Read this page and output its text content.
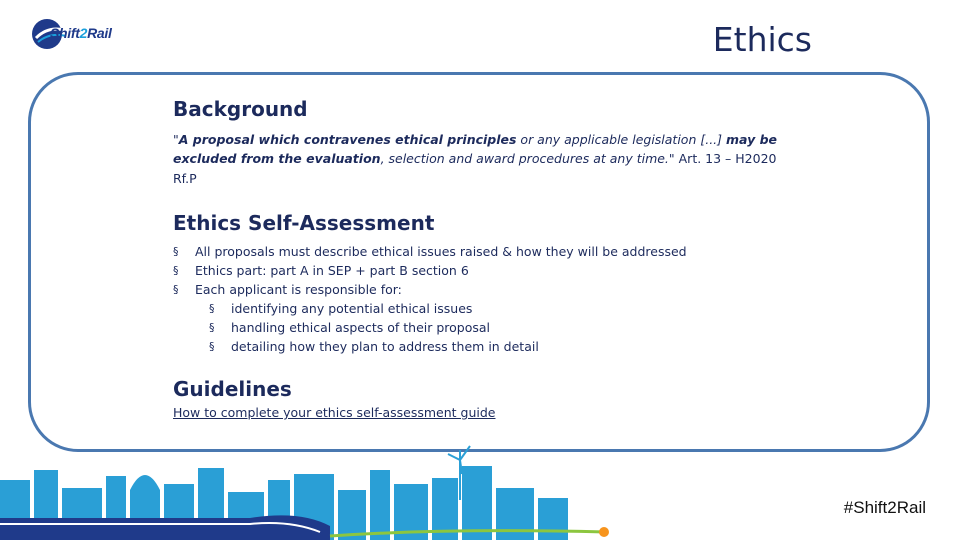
Shift2Rail	Ethics
Background

"A proposal which contravenes ethical principles or any applicable legislation [...] may be excluded from the evaluation, selection and award procedures at any time." Art. 13 – H2020 Rf.P

Ethics Self-Assessment
§ All proposals must describe ethical issues raised & how they will be addressed
§ Ethics part: part A in SEP + part B section 6
§ Each applicant is responsible for:
§ identifying any potential ethical issues
§ handling ethical aspects of their proposal
§ detailing how they plan to address them in detail
Guidelines
How to complete your ethics self-assessment guide
#Shift2Rail
